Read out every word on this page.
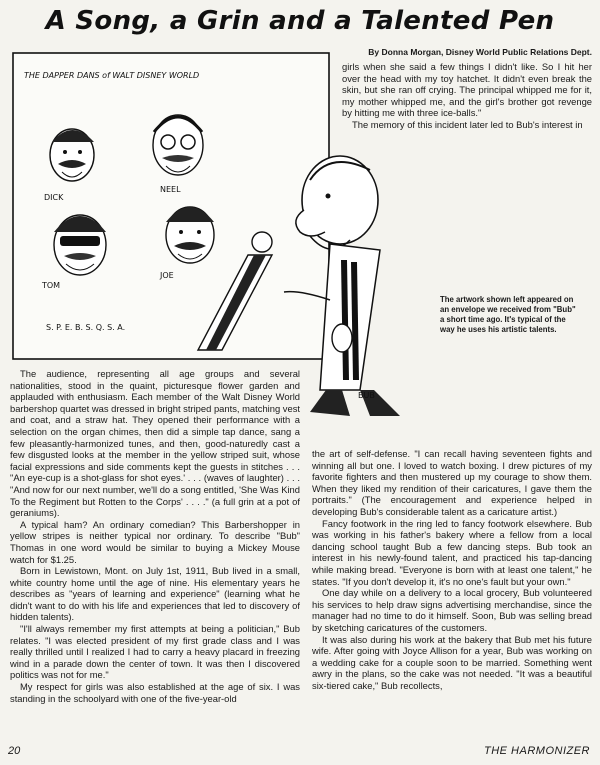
A Song, a Grin and a Talented Pen
By Donna Morgan, Disney World Public Relations Dept.
THE DAPPER DANS of WALT DISNEY WORLD
DICK
NEEL
TOM
JOE
S. P. E. B. S. Q. S. A.
BUB
The artwork shown left appeared on an envelope we received from "Bub" a short time ago. It's typical of the way he uses his artistic talents.

girls when she said a few things I didn't like. So I hit her over the head with my toy hatchet. It didn't even break the skin, but she ran off crying. The principal whipped me for it, my mother whipped me, and the girl's brother got revenge by hitting me with three ice-balls."

The memory of this incident later led to Bub's interest in

The audience, representing all age groups and several nationalities, stood in the quaint, picturesque flower garden and applauded with enthusiasm. Each member of the Walt Disney World barbershop quartet was dressed in bright striped pants, matching vest and coat, and a straw hat. They opened their performance with a selection on the organ chimes, then did a simple tap dance, sang a few pleasantly-harmonized tunes, and then, good-naturedly cast a few disgusted looks at the member in the yellow striped suit, whose facial expressions and side comments kept the guests in stitches . . . "An eye-cup is a shot-glass for shot eyes.' . . . (waves of laughter) . . . "And now for our next number, we'll do a song entitled, 'She Was Kind To the Regiment but Rotten to the Corps' . . . ." (a full grin at a pot of geraniums).

A typical ham? An ordinary comedian? This Barbershopper in yellow stripes is neither typical nor ordinary. To describe "Bub" Thomas in one word would be similar to buying a Mickey Mouse watch for $1.25.

Born in Lewistown, Mont. on July 1st, 1911, Bub lived in a small, white country home until the age of nine. His elementary years he describes as "years of learning and experience" (learning what he didn't want to do with his life and experiences that led to discovery of hidden talents).

"I'll always remember my first attempts at being a politician," Bub relates. "I was elected president of my first grade class and I was really thrilled until I realized I had to carry a heavy placard in freezing wind in a parade down the center of town. It was then I discovered politics was not for me."

My respect for girls was also established at the age of six. I was standing in the schoolyard with one of the five-year-old

the art of self-defense. "I can recall having seventeen fights and winning all but one. I loved to watch boxing. I drew pictures of my favorite fighters and then mustered up my courage to show them. When they liked my rendition of their caricatures, I gave them the portraits." (The encouragement and experience helped in developing Bub's considerable talent as a caricature artist.)

Fancy footwork in the ring led to fancy footwork elsewhere. Bub was working in his father's bakery where a fellow from a local dancing school taught Bub a few dancing steps. Bub took an interest in his newly-found talent, and practiced his tap-dancing while making bread. "Everyone is born with at least one talent," he states. "If you don't develop it, it's no one's fault but your own."

One day while on a delivery to a local grocery, Bub volunteered his services to help draw signs advertising merchandise, since the manager had no time to do it himself. Soon, Bub was selling bread by sketching caricatures of the customers.

It was also during his work at the bakery that Bub met his future wife. After going with Joyce Allison for a year, Bub was working on a wedding cake for a couple soon to be married. Something went awry in the plans, so the cake was not needed. "It was a beautiful six-tiered cake," Bub recollects,

20	THE HARMONIZER
